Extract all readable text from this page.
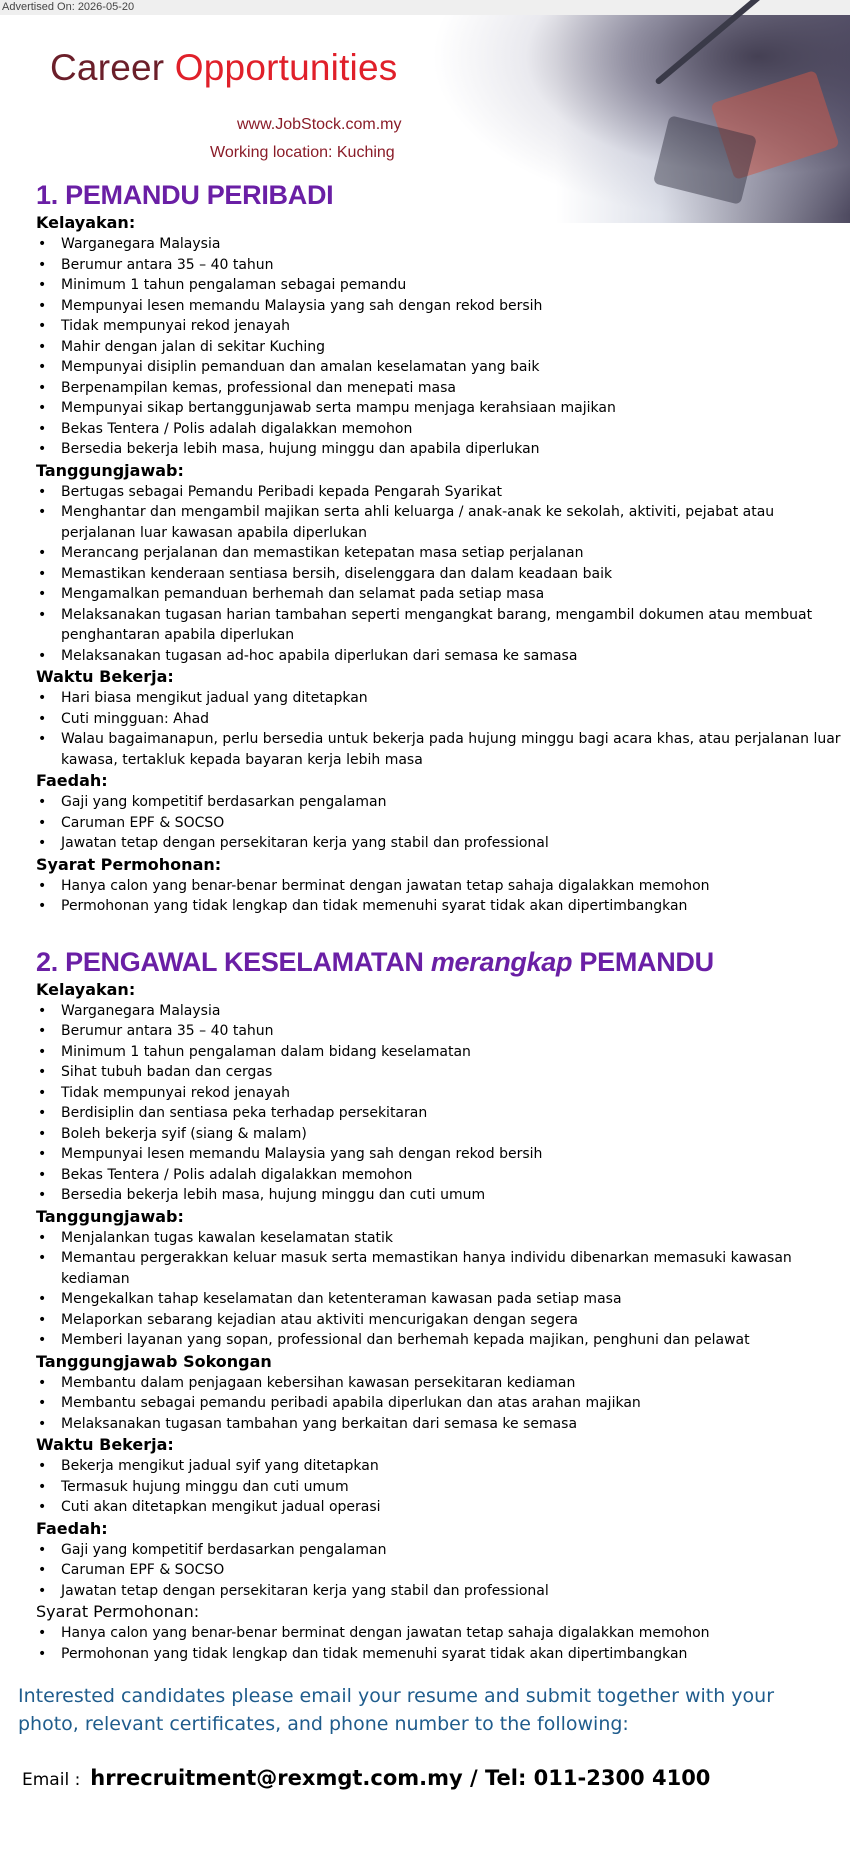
Advertised On: 2026-05-20
Career Opportunities
www.JobStock.com.my
Working location: Kuching
1. PEMANDU PERIBADI
Kelayakan:
• Warganegara Malaysia
• Berumur antara 35 – 40 tahun
• Minimum 1 tahun pengalaman sebagai pemandu
• Mempunyai lesen memandu Malaysia yang sah dengan rekod bersih
• Tidak mempunyai rekod jenayah
• Mahir dengan jalan di sekitar Kuching
• Mempunyai disiplin pemanduan dan amalan keselamatan yang baik
• Berpenampilan kemas, professional dan menepati masa
• Mempunyai sikap bertanggunjawab serta mampu menjaga kerahsiaan majikan
• Bekas Tentera / Polis adalah digalakkan memohon
• Bersedia bekerja lebih masa, hujung minggu dan apabila diperlukan
Tanggungjawab:
• Bertugas sebagai Pemandu Peribadi kepada Pengarah Syarikat
• Menghantar dan mengambil majikan serta ahli keluarga / anak-anak ke sekolah, aktiviti, pejabat atau perjalanan luar kawasan apabila diperlukan
• Merancang perjalanan dan memastikan ketepatan masa setiap perjalanan
• Memastikan kenderaan sentiasa bersih, diselenggara dan dalam keadaan baik
• Mengamalkan pemanduan berhemah dan selamat pada setiap masa
• Melaksanakan tugasan harian tambahan seperti mengangkat barang, mengambil dokumen atau membuat penghantaran apabila diperlukan
• Melaksanakan tugasan ad-hoc apabila diperlukan dari semasa ke samasa
Waktu Bekerja:
• Hari biasa mengikut jadual yang ditetapkan
• Cuti mingguan: Ahad
• Walau bagaimanapun, perlu bersedia untuk bekerja pada hujung minggu bagi acara khas, atau perjalanan luar kawasa, tertakluk kepada bayaran kerja lebih masa
Faedah:
• Gaji yang kompetitif berdasarkan pengalaman
• Caruman EPF & SOCSO
• Jawatan tetap dengan persekitaran kerja yang stabil dan professional
Syarat Permohonan:
• Hanya calon yang benar-benar berminat dengan jawatan tetap sahaja digalakkan memohon
• Permohonan yang tidak lengkap dan tidak memenuhi syarat tidak akan dipertimbangkan
2. PENGAWAL KESELAMATAN merangkap PEMANDU
Kelayakan:
• Warganegara Malaysia
• Berumur antara 35 – 40 tahun
• Minimum 1 tahun pengalaman dalam bidang keselamatan
• Sihat tubuh badan dan cergas
• Tidak mempunyai rekod jenayah
• Berdisiplin dan sentiasa peka terhadap persekitaran
• Boleh bekerja syif (siang & malam)
• Mempunyai lesen memandu Malaysia yang sah dengan rekod bersih
• Bekas Tentera / Polis adalah digalakkan memohon
• Bersedia bekerja lebih masa, hujung minggu dan cuti umum
Tanggungjawab:
• Menjalankan tugas kawalan keselamatan statik
• Memantau pergerakkan keluar masuk serta memastikan hanya individu dibenarkan memasuki kawasan kediaman
• Mengekalkan tahap keselamatan dan ketenteraman kawasan pada setiap masa
• Melaporkan sebarang kejadian atau aktiviti mencurigakan dengan segera
• Memberi layanan yang sopan, professional dan berhemah kepada majikan, penghuni dan pelawat
Tanggungjawab Sokongan
• Membantu dalam penjagaan kebersihan kawasan persekitaran kediaman
• Membantu sebagai pemandu peribadi apabila diperlukan dan atas arahan majikan
• Melaksanakan tugasan tambahan yang berkaitan dari semasa ke semasa
Waktu Bekerja:
• Bekerja mengikut jadual syif yang ditetapkan
• Termasuk hujung minggu dan cuti umum
• Cuti akan ditetapkan mengikut jadual operasi
Faedah:
• Gaji yang kompetitif berdasarkan pengalaman
• Caruman EPF & SOCSO
• Jawatan tetap dengan persekitaran kerja yang stabil dan professional
Syarat Permohonan:
• Hanya calon yang benar-benar berminat dengan jawatan tetap sahaja digalakkan memohon
• Permohonan yang tidak lengkap dan tidak memenuhi syarat tidak akan dipertimbangkan
Interested candidates please email your resume and submit together with your photo, relevant certificates, and phone number to the following:
Email : hrrecruitment@rexmgt.com.my / Tel: 011-2300 4100
